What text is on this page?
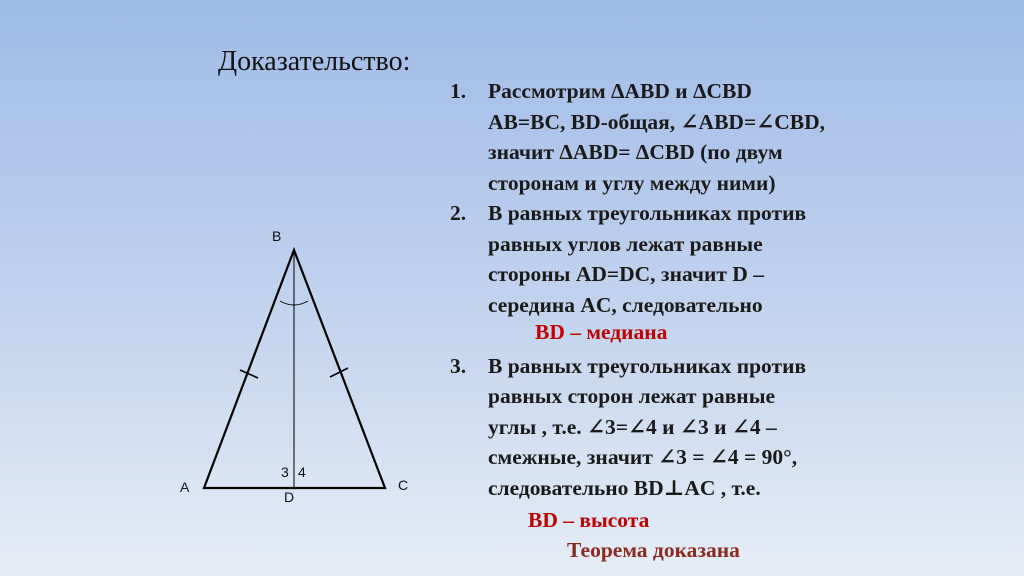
Доказательство:
1. Рассмотрим ΔABD и ΔCBD
AB=BC, BD-общая, ∠ABD=∠CBD,
значит ΔABD= ΔCBD (по двум
сторонам и углу между ними)
2. В равных треугольниках против
равных углов лежат равные
стороны AD=DC, значит D –
середина AC, следовательно
3. В равных треугольниках против
равных сторон лежат равные
углы , т.е. ∠3=∠4 и ∠3 и ∠4 –
смежные, значит ∠3 = ∠4 = 90°,
следовательно BD⊥AC , т.е.
BD – медиана
BD – высота
Теорема доказана
B
A	C
D
3 4
